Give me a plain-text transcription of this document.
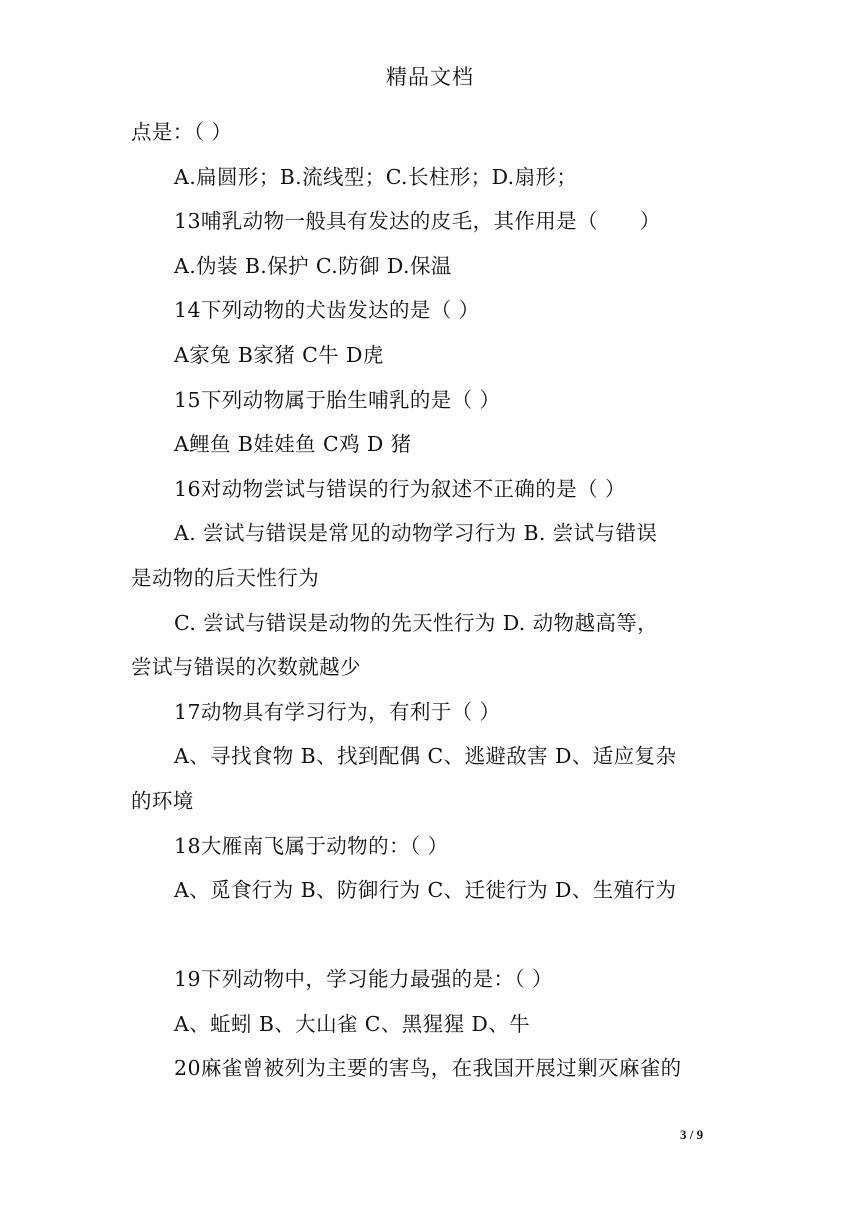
精品文档
点是：（ ）
A.扁圆形；B.流线型；C.长柱形；D.扇形；
13哺乳动物一般具有发达的皮毛，其作用是（　　）
A.伪装 B.保护 C.防御 D.保温
14下列动物的犬齿发达的是（ ）
A家兔 B家猪 C牛 D虎
15下列动物属于胎生哺乳的是（ ）
A鲤鱼 B娃娃鱼 C鸡 D 猪
16对动物尝试与错误的行为叙述不正确的是（ ）
A. 尝试与错误是常见的动物学习行为 B. 尝试与错误
是动物的后天性行为
C. 尝试与错误是动物的先天性行为 D. 动物越高等，
尝试与错误的次数就越少
17动物具有学习行为，有利于（ ）
A、寻找食物 B、找到配偶 C、逃避敌害 D、适应复杂
的环境
18大雁南飞属于动物的：（ ）
A、觅食行为 B、防御行为 C、迁徙行为 D、生殖行为
19下列动物中，学习能力最强的是：（ ）
A、蚯蚓 B、大山雀 C、黑猩猩 D、牛
20麻雀曾被列为主要的害鸟，在我国开展过剿灭麻雀的
3 / 9
